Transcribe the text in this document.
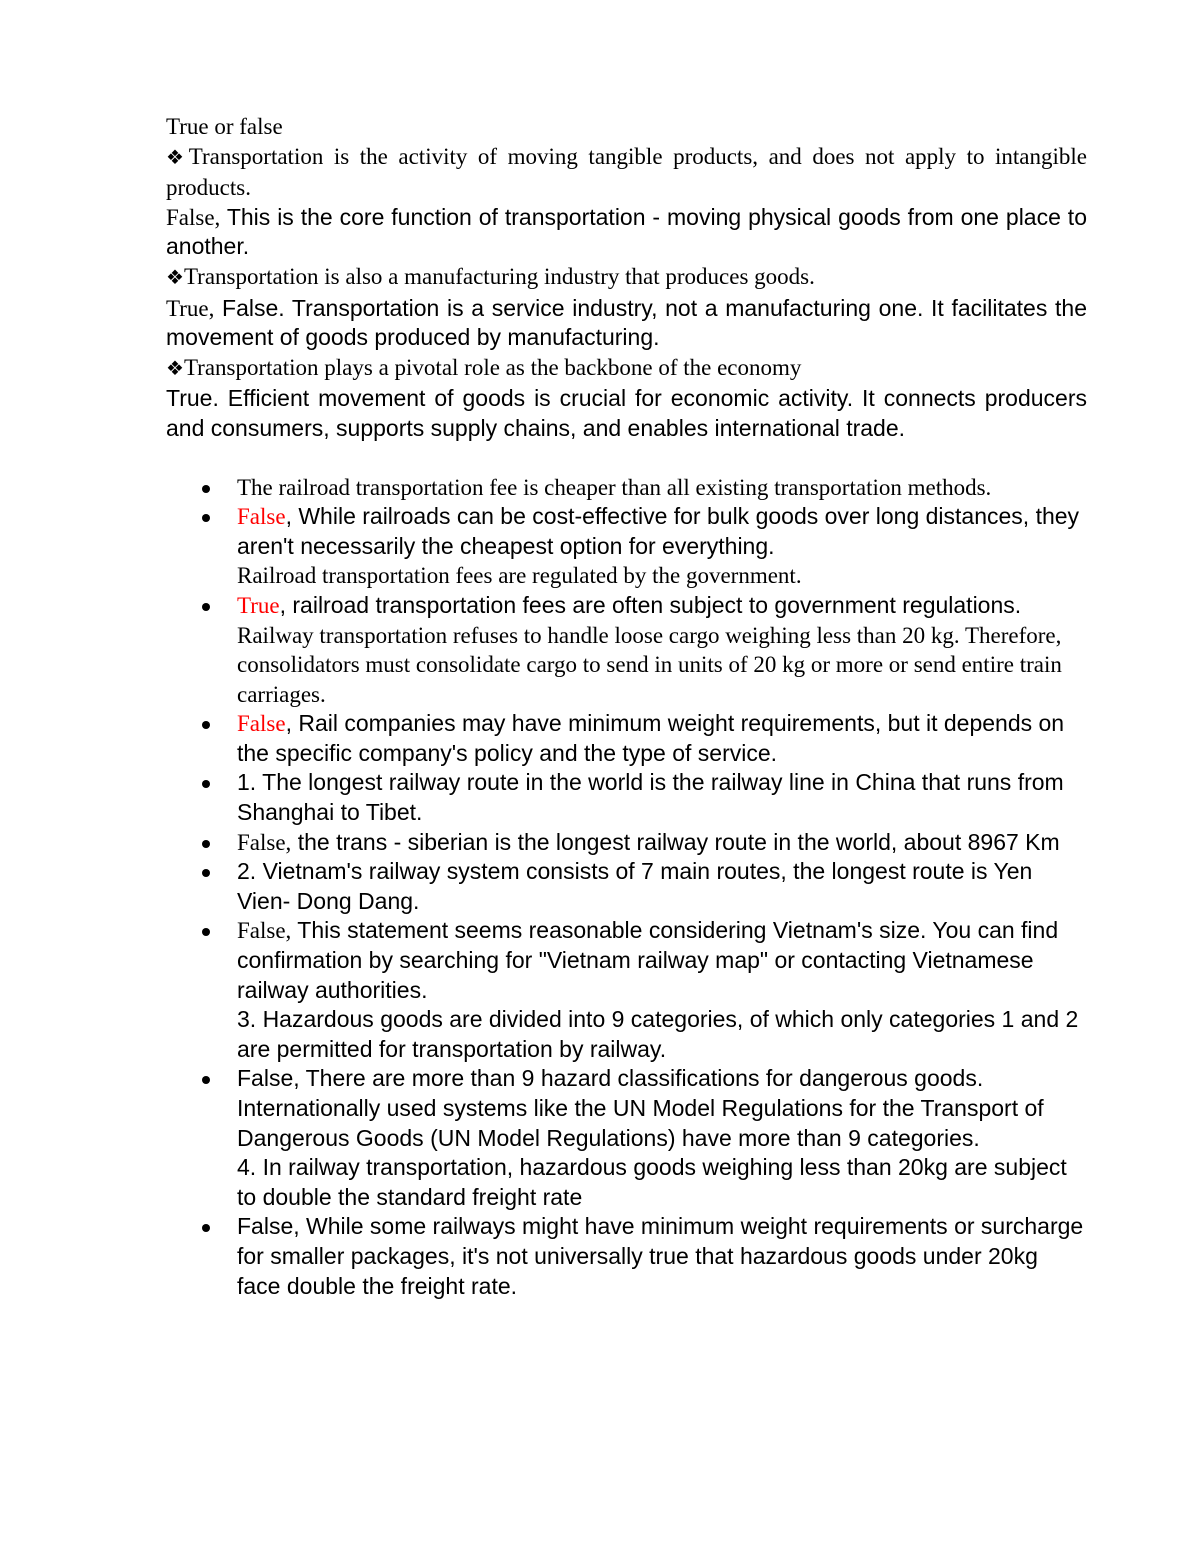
True or false

❖Transportation is the activity of moving tangible products, and does not apply to intangible products.

False, This is the core function of transportation - moving physical goods from one place to another.

❖Transportation is also a manufacturing industry that produces goods.

True, False. Transportation is a service industry, not a manufacturing one. It facilitates the movement of goods produced by manufacturing.

❖Transportation plays a pivotal role as the backbone of the economy

True. Efficient movement of goods is crucial for economic activity. It connects producers and consumers, supports supply chains, and enables international trade.

The railroad transportation fee is cheaper than all existing transportation methods.
False, While railroads can be cost-effective for bulk goods over long distances, they aren't necessarily the cheapest option for everything.
Railroad transportation fees are regulated by the government.
True, railroad transportation fees are often subject to government regulations.
Railway transportation refuses to handle loose cargo weighing less than 20 kg. Therefore, consolidators must consolidate cargo to send in units of 20 kg or more or send entire train carriages.
False, Rail companies may have minimum weight requirements, but it depends on the specific company's policy and the type of service.
1. The longest railway route in the world is the railway line in China that runs from Shanghai to Tibet.
False, the trans - siberian is the longest railway route in the world, about 8967 Km
2. Vietnam's railway system consists of 7 main routes, the longest route is Yen Vien- Dong Dang.
False, This statement seems reasonable considering Vietnam's size. You can find confirmation by searching for "Vietnam railway map" or contacting Vietnamese railway authorities.
3. Hazardous goods are divided into 9 categories, of which only categories 1 and 2 are permitted for transportation by railway.
False, There are more than 9 hazard classifications for dangerous goods. Internationally used systems like the UN Model Regulations for the Transport of Dangerous Goods (UN Model Regulations) have more than 9 categories.
4. In railway transportation, hazardous goods weighing less than 20kg are subject to double the standard freight rate
False, While some railways might have minimum weight requirements or surcharge for smaller packages, it's not universally true that hazardous goods under 20kg face double the freight rate.
